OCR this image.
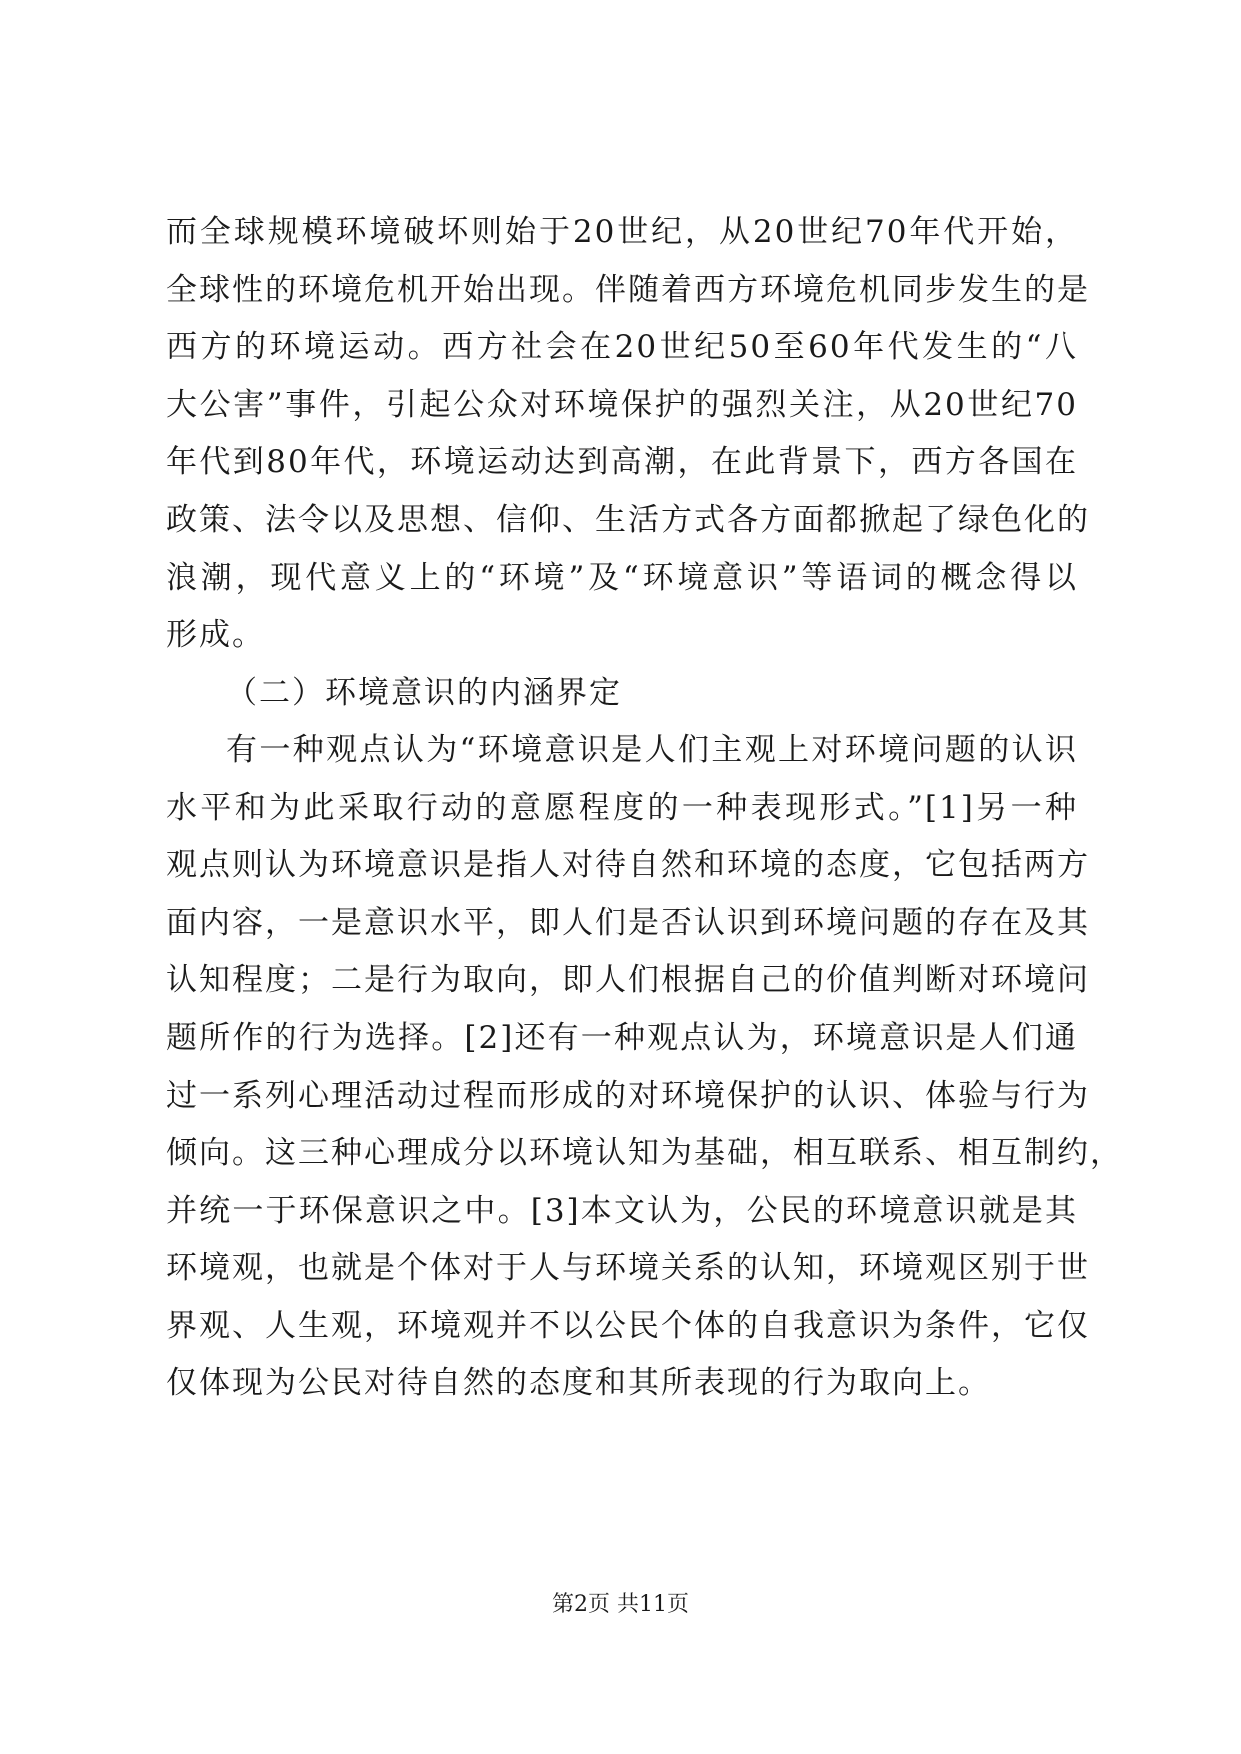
而全球规模环境破坏则始于20世纪，从20世纪70年代开始，
全球性的环境危机开始出现。伴随着西方环境危机同步发生的是
西方的环境运动。西方社会在20世纪50至60年代发生的“八
大公害”事件，引起公众对环境保护的强烈关注，从20世纪70
年代到80年代，环境运动达到高潮，在此背景下，西方各国在
政策、法令以及思想、信仰、生活方式各方面都掀起了绿色化的
浪潮，现代意义上的“环境”及“环境意识”等语词的概念得以
形成。
（二）环境意识的内涵界定
有一种观点认为“环境意识是人们主观上对环境问题的认识
水平和为此采取行动的意愿程度的一种表现形式。”[1]另一种
观点则认为环境意识是指人对待自然和环境的态度，它包括两方
面内容，一是意识水平，即人们是否认识到环境问题的存在及其
认知程度；二是行为取向，即人们根据自己的价值判断对环境问
题所作的行为选择。[2]还有一种观点认为，环境意识是人们通
过一系列心理活动过程而形成的对环境保护的认识、体验与行为
倾向。这三种心理成分以环境认知为基础，相互联系、相互制约，
并统一于环保意识之中。[3]本文认为，公民的环境意识就是其
环境观，也就是个体对于人与环境关系的认知，环境观区别于世
界观、人生观，环境观并不以公民个体的自我意识为条件，它仅
仅体现为公民对待自然的态度和其所表现的行为取向上。
第2页 共11页
